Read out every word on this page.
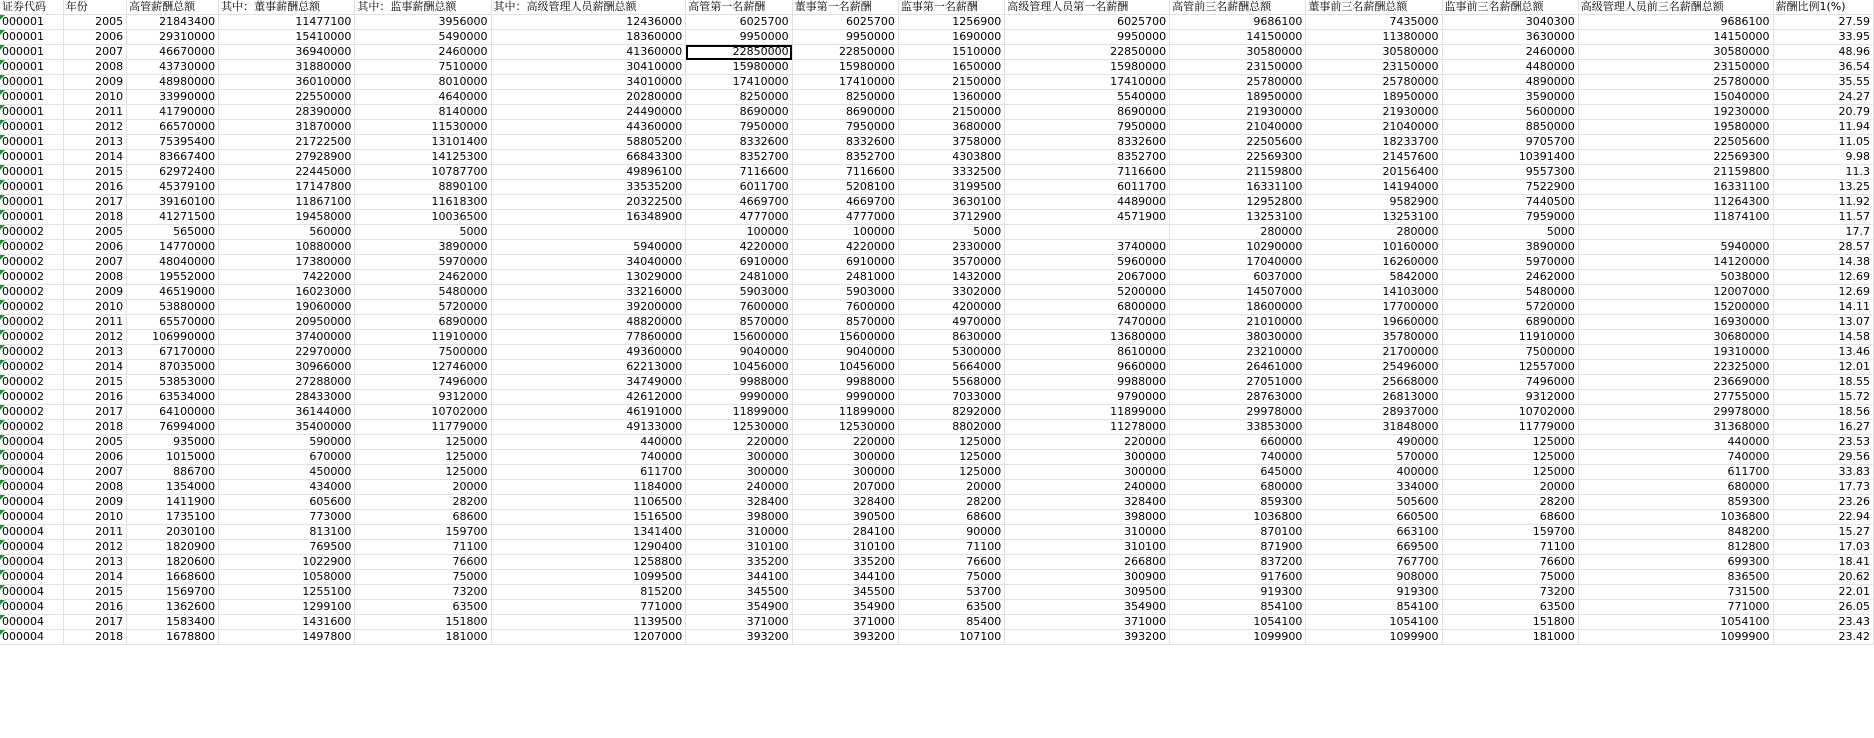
证券代码	年份	高管薪酬总额	其中：董事薪酬总额	其中：监事薪酬总额	其中：高级管理人员薪酬总额	高管第一名薪酬	董事第一名薪酬	监事第一名薪酬	高级管理人员第一名薪酬	高管前三名薪酬总额	董事前三名薪酬总额	监事前三名薪酬总额	高级管理人员前三名薪酬总额	薪酬比例1(%)

000001	2005	21843400	11477100	3956000	12436000	6025700	6025700	1256900	6025700	9686100	7435000	3040300	9686100	27.59

000001	2006	29310000	15410000	5490000	18360000	9950000	9950000	1690000	9950000	14150000	11380000	3630000	14150000	33.95

000001	2007	46670000	36940000	2460000	41360000	22850000	22850000	1510000	22850000	30580000	30580000	2460000	30580000	48.96

000001	2008	43730000	31880000	7510000	30410000	15980000	15980000	1650000	15980000	23150000	23150000	4480000	23150000	36.54

000001	2009	48980000	36010000	8010000	34010000	17410000	17410000	2150000	17410000	25780000	25780000	4890000	25780000	35.55

000001	2010	33990000	22550000	4640000	20280000	8250000	8250000	1360000	5540000	18950000	18950000	3590000	15040000	24.27

000001	2011	41790000	28390000	8140000	24490000	8690000	8690000	2150000	8690000	21930000	21930000	5600000	19230000	20.79

000001	2012	66570000	31870000	11530000	44360000	7950000	7950000	3680000	7950000	21040000	21040000	8850000	19580000	11.94

000001	2013	75395400	21722500	13101400	58805200	8332600	8332600	3758000	8332600	22505600	18233700	9705700	22505600	11.05

000001	2014	83667400	27928900	14125300	66843300	8352700	8352700	4303800	8352700	22569300	21457600	10391400	22569300	9.98

000001	2015	62972400	22445000	10787700	49896100	7116600	7116600	3332500	7116600	21159800	20156400	9557300	21159800	11.3

000001	2016	45379100	17147800	8890100	33535200	6011700	5208100	3199500	6011700	16331100	14194000	7522900	16331100	13.25

000001	2017	39160100	11867100	11618300	20322500	4669700	4669700	3630100	4489000	12952800	9582900	7440500	11264300	11.92

000001	2018	41271500	19458000	10036500	16348900	4777000	4777000	3712900	4571900	13253100	13253100	7959000	11874100	11.57

000002	2005	565000	560000	5000		100000	100000	5000		280000	280000	5000		17.7

000002	2006	14770000	10880000	3890000	5940000	4220000	4220000	2330000	3740000	10290000	10160000	3890000	5940000	28.57

000002	2007	48040000	17380000	5970000	34040000	6910000	6910000	3570000	5960000	17040000	16260000	5970000	14120000	14.38

000002	2008	19552000	7422000	2462000	13029000	2481000	2481000	1432000	2067000	6037000	5842000	2462000	5038000	12.69

000002	2009	46519000	16023000	5480000	33216000	5903000	5903000	3302000	5200000	14507000	14103000	5480000	12007000	12.69

000002	2010	53880000	19060000	5720000	39200000	7600000	7600000	4200000	6800000	18600000	17700000	5720000	15200000	14.11

000002	2011	65570000	20950000	6890000	48820000	8570000	8570000	4970000	7470000	21010000	19660000	6890000	16930000	13.07

000002	2012	106990000	37400000	11910000	77860000	15600000	15600000	8630000	13680000	38030000	35780000	11910000	30680000	14.58

000002	2013	67170000	22970000	7500000	49360000	9040000	9040000	5300000	8610000	23210000	21700000	7500000	19310000	13.46

000002	2014	87035000	30966000	12746000	62213000	10456000	10456000	5664000	9660000	26461000	25496000	12557000	22325000	12.01

000002	2015	53853000	27288000	7496000	34749000	9988000	9988000	5568000	9988000	27051000	25668000	7496000	23669000	18.55

000002	2016	63534000	28433000	9312000	42612000	9990000	9990000	7033000	9790000	28763000	26813000	9312000	27755000	15.72

000002	2017	64100000	36144000	10702000	46191000	11899000	11899000	8292000	11899000	29978000	28937000	10702000	29978000	18.56

000002	2018	76994000	35400000	11779000	49133000	12530000	12530000	8802000	11278000	33853000	31848000	11779000	31368000	16.27

000004	2005	935000	590000	125000	440000	220000	220000	125000	220000	660000	490000	125000	440000	23.53

000004	2006	1015000	670000	125000	740000	300000	300000	125000	300000	740000	570000	125000	740000	29.56

000004	2007	886700	450000	125000	611700	300000	300000	125000	300000	645000	400000	125000	611700	33.83

000004	2008	1354000	434000	20000	1184000	240000	207000	20000	240000	680000	334000	20000	680000	17.73

000004	2009	1411900	605600	28200	1106500	328400	328400	28200	328400	859300	505600	28200	859300	23.26

000004	2010	1735100	773000	68600	1516500	398000	390500	68600	398000	1036800	660500	68600	1036800	22.94

000004	2011	2030100	813100	159700	1341400	310000	284100	90000	310000	870100	663100	159700	848200	15.27

000004	2012	1820900	769500	71100	1290400	310100	310100	71100	310100	871900	669500	71100	812800	17.03

000004	2013	1820600	1022900	76600	1258800	335200	335200	76600	266800	837200	767700	76600	699300	18.41

000004	2014	1668600	1058000	75000	1099500	344100	344100	75000	300900	917600	908000	75000	836500	20.62

000004	2015	1569700	1255100	73200	815200	345500	345500	53700	309500	919300	919300	73200	731500	22.01

000004	2016	1362600	1299100	63500	771000	354900	354900	63500	354900	854100	854100	63500	771000	26.05

000004	2017	1583400	1431600	151800	1139500	371000	371000	85400	371000	1054100	1054100	151800	1054100	23.43

000004	2018	1678800	1497800	181000	1207000	393200	393200	107100	393200	1099900	1099900	181000	1099900	23.42
